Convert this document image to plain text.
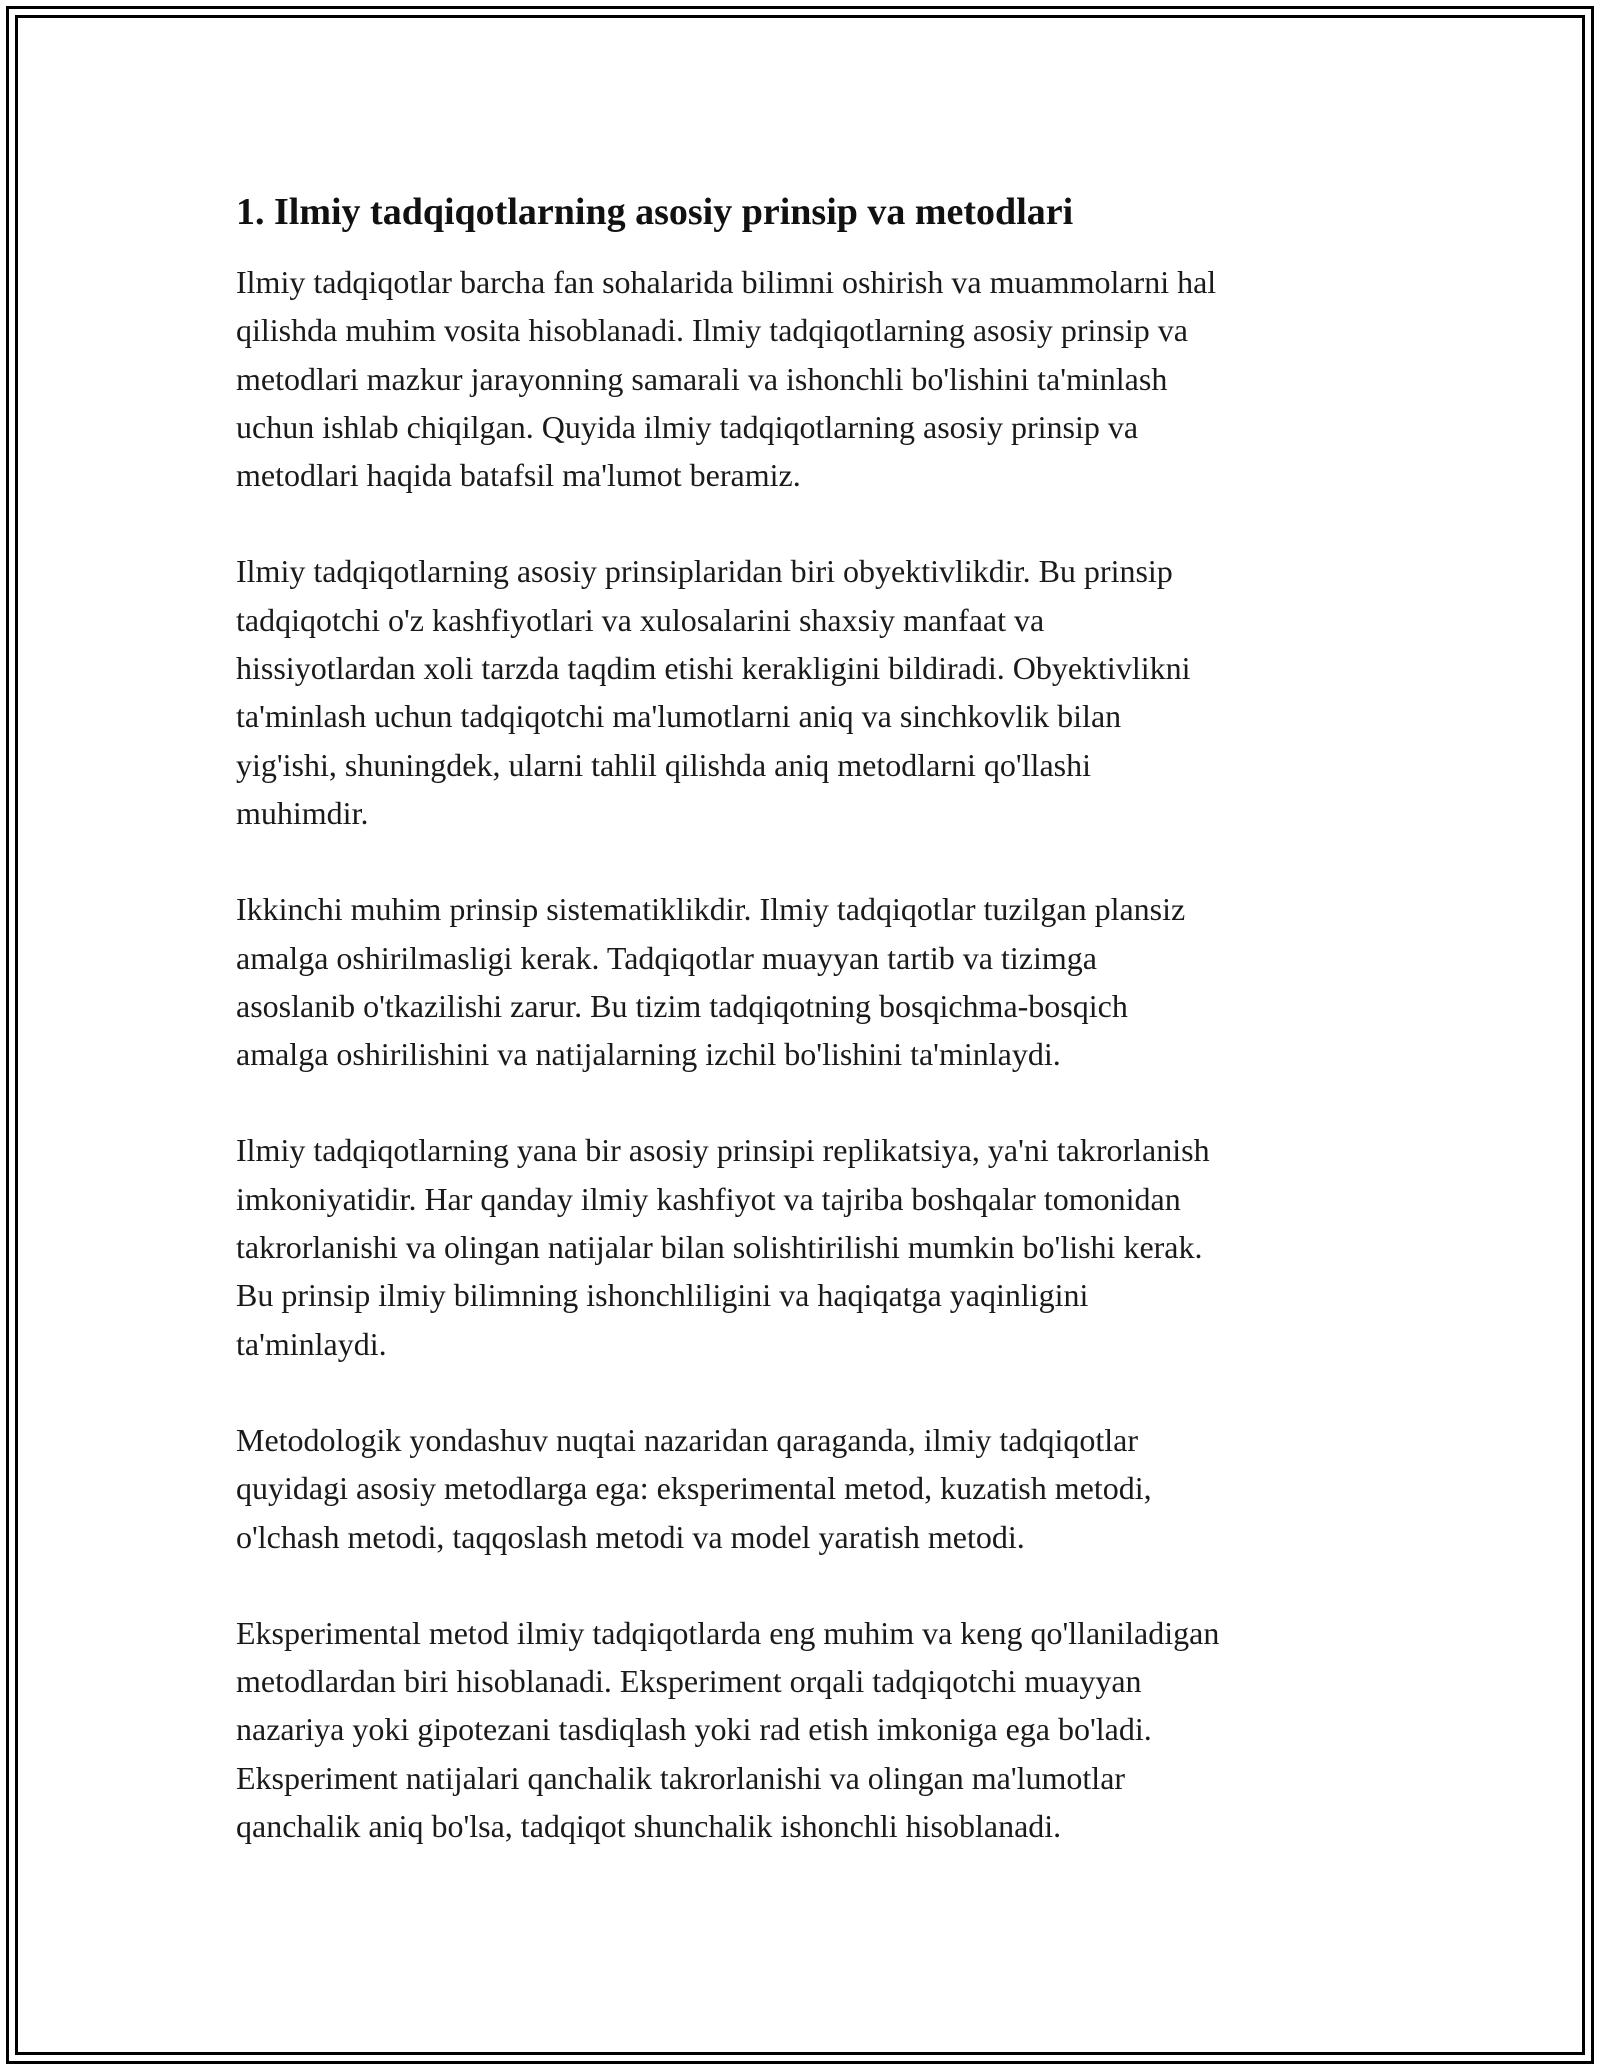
1. Ilmiy tadqiqotlarning asosiy prinsip va metodlari

Ilmiy tadqiqotlar barcha fan sohalarida bilimni oshirish va muammolarni hal
qilishda muhim vosita hisoblanadi. Ilmiy tadqiqotlarning asosiy prinsip va
metodlari mazkur jarayonning samarali va ishonchli bo'lishini ta'minlash
uchun ishlab chiqilgan. Quyida ilmiy tadqiqotlarning asosiy prinsip va
metodlari haqida batafsil ma'lumot beramiz.

Ilmiy tadqiqotlarning asosiy prinsiplaridan biri obyektivlikdir. Bu prinsip
tadqiqotchi o'z kashfiyotlari va xulosalarini shaxsiy manfaat va
hissiyotlardan xoli tarzda taqdim etishi kerakligini bildiradi. Obyektivlikni
ta'minlash uchun tadqiqotchi ma'lumotlarni aniq va sinchkovlik bilan
yig'ishi, shuningdek, ularni tahlil qilishda aniq metodlarni qo'llashi
muhimdir.

Ikkinchi muhim prinsip sistematiklikdir. Ilmiy tadqiqotlar tuzilgan plansiz
amalga oshirilmasligi kerak. Tadqiqotlar muayyan tartib va tizimga
asoslanib o'tkazilishi zarur. Bu tizim tadqiqotning bosqichma-bosqich
amalga oshirilishini va natijalarning izchil bo'lishini ta'minlaydi.

Ilmiy tadqiqotlarning yana bir asosiy prinsipi replikatsiya, ya'ni takrorlanish
imkoniyatidir. Har qanday ilmiy kashfiyot va tajriba boshqalar tomonidan
takrorlanishi va olingan natijalar bilan solishtirilishi mumkin bo'lishi kerak.
Bu prinsip ilmiy bilimning ishonchliligini va haqiqatga yaqinligini
ta'minlaydi.

Metodologik yondashuv nuqtai nazaridan qaraganda, ilmiy tadqiqotlar
quyidagi asosiy metodlarga ega: eksperimental metod, kuzatish metodi,
o'lchash metodi, taqqoslash metodi va model yaratish metodi.

Eksperimental metod ilmiy tadqiqotlarda eng muhim va keng qo'llaniladigan
metodlardan biri hisoblanadi. Eksperiment orqali tadqiqotchi muayyan
nazariya yoki gipotezani tasdiqlash yoki rad etish imkoniga ega bo'ladi.
Eksperiment natijalari qanchalik takrorlanishi va olingan ma'lumotlar
qanchalik aniq bo'lsa, tadqiqot shunchalik ishonchli hisoblanadi.
